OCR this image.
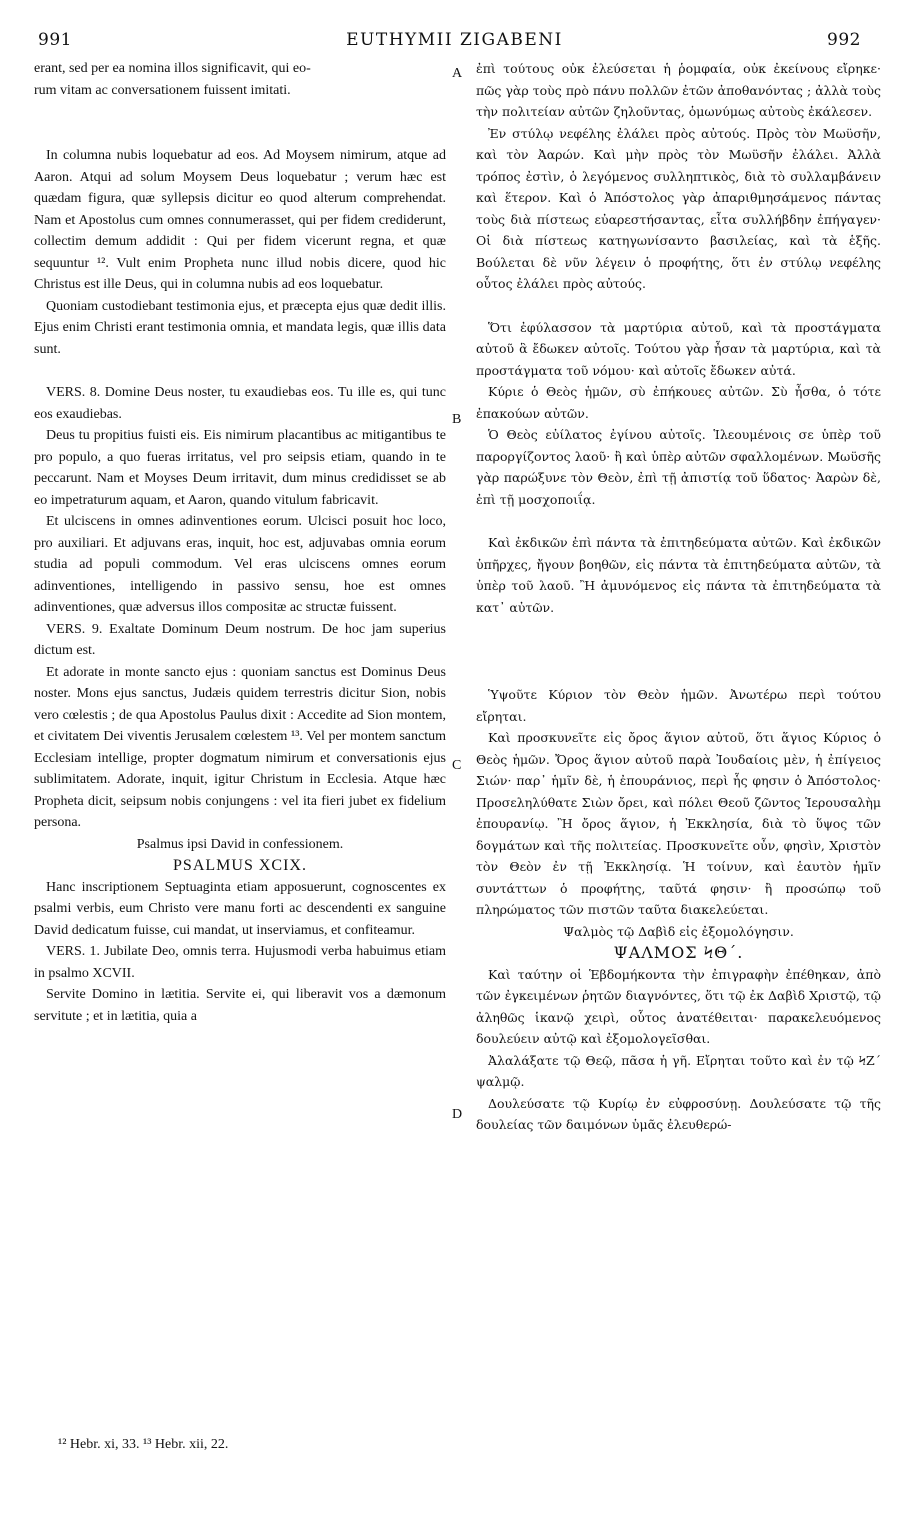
EUTHYMII ZIGABENI
991	992

erant, sed per ea nomina illos significavit, qui eo-

rum vitam ac conversationem fuissent imitati.

In columna nubis loquebatur ad eos. Ad Moysem nimirum, atque ad Aaron. Atqui ad solum Moysem Deus loquebatur ; verum hæc est quædam figura, quæ syllepsis dicitur eo quod alterum comprehendat. Nam et Apostolus cum omnes connumerasset, qui per fidem crediderunt, collectim demum addidit : Qui per fidem vicerunt regna, et quæ sequuntur ¹². Vult enim Propheta nunc illud nobis dicere, quod hic Christus est ille Deus, qui in columna nubis ad eos loquebatur.

Quoniam custodiebant testimonia ejus, et præcepta ejus quæ dedit illis. Ejus enim Christi erant testimonia omnia, et mandata legis, quæ illis data sunt.

VERS. 8. Domine Deus noster, tu exaudiebas eos. Tu ille es, qui tunc eos exaudiebas.

Deus tu propitius fuisti eis. Eis nimirum placantibus ac mitigantibus te pro populo, a quo fueras irritatus, vel pro seipsis etiam, quando in te peccarunt. Nam et Moyses Deum irritavit, dum minus credidisset se ab eo impetraturum aquam, et Aaron, quando vitulum fabricavit.

Et ulciscens in omnes adinventiones eorum. Ulcisci posuit hoc loco, pro auxiliari. Et adjuvans eras, inquit, hoc est, adjuvabas omnia eorum studia ad populi commodum. Vel eras ulciscens omnes eorum adinventiones, intelligendo in passivo sensu, hoe est omnes adinventiones, quæ adversus illos compositæ ac structæ fuissent.

VERS. 9. Exaltate Dominum Deum nostrum. De hoc jam superius dictum est.

Et adorate in monte sancto ejus : quoniam sanctus est Dominus Deus noster. Mons ejus sanctus, Judæis quidem terrestris dicitur Sion, nobis vero cœlestis ; de qua Apostolus Paulus dixit : Accedite ad Sion montem, et civitatem Dei viventis Jerusalem cœlestem ¹³. Vel per montem sanctum Ecclesiam intellige, propter dogmatum nimirum et conversationis ejus sublimitatem. Adorate, inquit, igitur Christum in Ecclesia. Atque hæc Propheta dicit, seipsum nobis conjungens : vel ita fieri jubet ex fidelium persona.

Psalmus ipsi David in confessionem.

PSALMUS XCIX.

Hanc inscriptionem Septuaginta etiam apposuerunt, cognoscentes ex psalmi verbis, eum Christo vere manu forti ac descendenti ex sanguine David dedicatum fuisse, cui mandat, ut inserviamus, et confiteamur.

VERS. 1. Jubilate Deo, omnis terra. Hujusmodi verba habuimus etiam in psalmo XCVII.

Servite Domino in lætitia. Servite ei, qui liberavit vos a dæmonum servitute ; et in lætitia, quia a

A
B
C
D

ἐπὶ τούτους οὐκ ἐλεύσεται ἡ ῥομφαία, οὐκ ἐκείνους εἴρηκε· πῶς γὰρ τοὺς πρὸ πάνυ πολλῶν ἐτῶν ἀποθανόντας ; ἀλλὰ τοὺς τὴν πολιτείαν αὐτῶν ζηλοῦντας, ὁμωνύμως αὐτοὺς ἐκάλεσεν.

Ἐν στύλῳ νεφέλης ἐλάλει πρὸς αὐτούς. Πρὸς τὸν Μωϋσῆν, καὶ τὸν Ἀαρών. Καὶ μὴν πρὸς τὸν Μωϋσῆν ἐλάλει. Ἀλλὰ τρόπος ἐστὶν, ὁ λεγόμενος συλληπτικὸς, διὰ τὸ συλλαμβάνειν καὶ ἕτερον. Καὶ ὁ Ἀπόστολος γὰρ ἀπαριθμησάμενος πάντας τοὺς διὰ πίστεως εὐαρεστήσαντας, εἶτα συλλήβδην ἐπήγαγεν· Οἱ διὰ πίστεως κατηγωνίσαντο βασιλείας, καὶ τὰ ἑξῆς. Βούλεται δὲ νῦν λέγειν ὁ προφήτης, ὅτι ἐν στύλῳ νεφέλης οὗτος ἐλάλει πρὸς αὐτούς.

Ὅτι ἐφύλασσον τὰ μαρτύρια αὐτοῦ, καὶ τὰ προστάγματα αὐτοῦ ἃ ἔδωκεν αὐτοῖς. Τούτου γὰρ ἦσαν τὰ μαρτύρια, καὶ τὰ προστάγματα τοῦ νόμου· καὶ αὐτοῖς ἔδωκεν αὐτά.

Κύριε ὁ Θεὸς ἡμῶν, σὺ ἐπήκουες αὐτῶν. Σὺ ἦσθα, ὁ τότε ἐπακούων αὐτῶν.

Ὁ Θεὸς εὐίλατος ἐγίνου αὐτοῖς. Ἱλεουμένοις σε ὑπὲρ τοῦ παροργίζοντος λαοῦ· ἢ καὶ ὑπὲρ αὐτῶν σφαλλομένων. Μωϋσῆς γὰρ παρώξυνε τὸν Θεὸν, ἐπὶ τῇ ἀπιστίᾳ τοῦ ὕδατος· Ἀαρὼν δὲ, ἐπὶ τῇ μοσχοποιΐᾳ.

Καὶ ἐκδικῶν ἐπὶ πάντα τὰ ἐπιτηδεύματα αὐτῶν. Καὶ ἐκδικῶν ὑπῆρχες, ἤγουν βοηθῶν, εἰς πάντα τὰ ἐπιτηδεύματα αὐτῶν, τὰ ὑπὲρ τοῦ λαοῦ. Ἢ ἀμυνόμενος εἰς πάντα τὰ ἐπιτηδεύματα τὰ κατ᾽ αὐτῶν.

Ὑψοῦτε Κύριον τὸν Θεὸν ἡμῶν. Ἀνωτέρω περὶ τούτου εἴρηται.

Καὶ προσκυνεῖτε εἰς ὄρος ἅγιον αὐτοῦ, ὅτι ἅγιος Κύριος ὁ Θεὸς ἡμῶν. Ὄρος ἅγιον αὐτοῦ παρὰ Ἰουδαίοις μὲν, ἡ ἐπίγειος Σιών· παρ᾽ ἡμῖν δὲ, ἡ ἐπουράνιος, περὶ ἧς φησιν ὁ Ἀπόστολος· Προσεληλύθατε Σιὼν ὄρει, καὶ πόλει Θεοῦ ζῶντος Ἱερουσαλὴμ ἐπουρανίῳ. Ἢ ὄρος ἅγιον, ἡ Ἐκκλησία, διὰ τὸ ὕψος τῶν δογμάτων καὶ τῆς πολιτείας. Προσκυνεῖτε οὖν, φησὶν, Χριστὸν τὸν Θεὸν ἐν τῇ Ἐκκλησίᾳ. Ἡ τοίνυν, καὶ ἑαυτὸν ἡμῖν συντάττων ὁ προφήτης, ταῦτά φησιν· ἢ προσώπῳ τοῦ πληρώματος τῶν πιστῶν ταῦτα διακελεύεται.

Ψαλμὸς τῷ Δαβὶδ εἰς ἐξομολόγησιν.

ΨΑΛΜΟΣ ϞΘ΄.

Καὶ ταύτην οἱ Ἑβδομήκοντα τὴν ἐπιγραφὴν ἐπέθηκαν, ἀπὸ τῶν ἐγκειμένων ῥητῶν διαγνόντες, ὅτι τῷ ἐκ Δαβὶδ Χριστῷ, τῷ ἀληθῶς ἱκανῷ χειρὶ, οὗτος ἀνατέθειται· παρακελευόμενος δουλεύειν αὐτῷ καὶ ἐξομολογεῖσθαι.

Ἀλαλάξατε τῷ Θεῷ, πᾶσα ἡ γῆ. Εἴρηται τοῦτο καὶ ἐν τῷ ϞΖ΄ ψαλμῷ.

Δουλεύσατε τῷ Κυρίῳ ἐν εὐφροσύνῃ. Δουλεύσατε τῷ τῆς δουλείας τῶν δαιμόνων ὑμᾶς ἐλευθερώ-

¹² Hebr. xi, 33. ¹³ Hebr. xii, 22.
